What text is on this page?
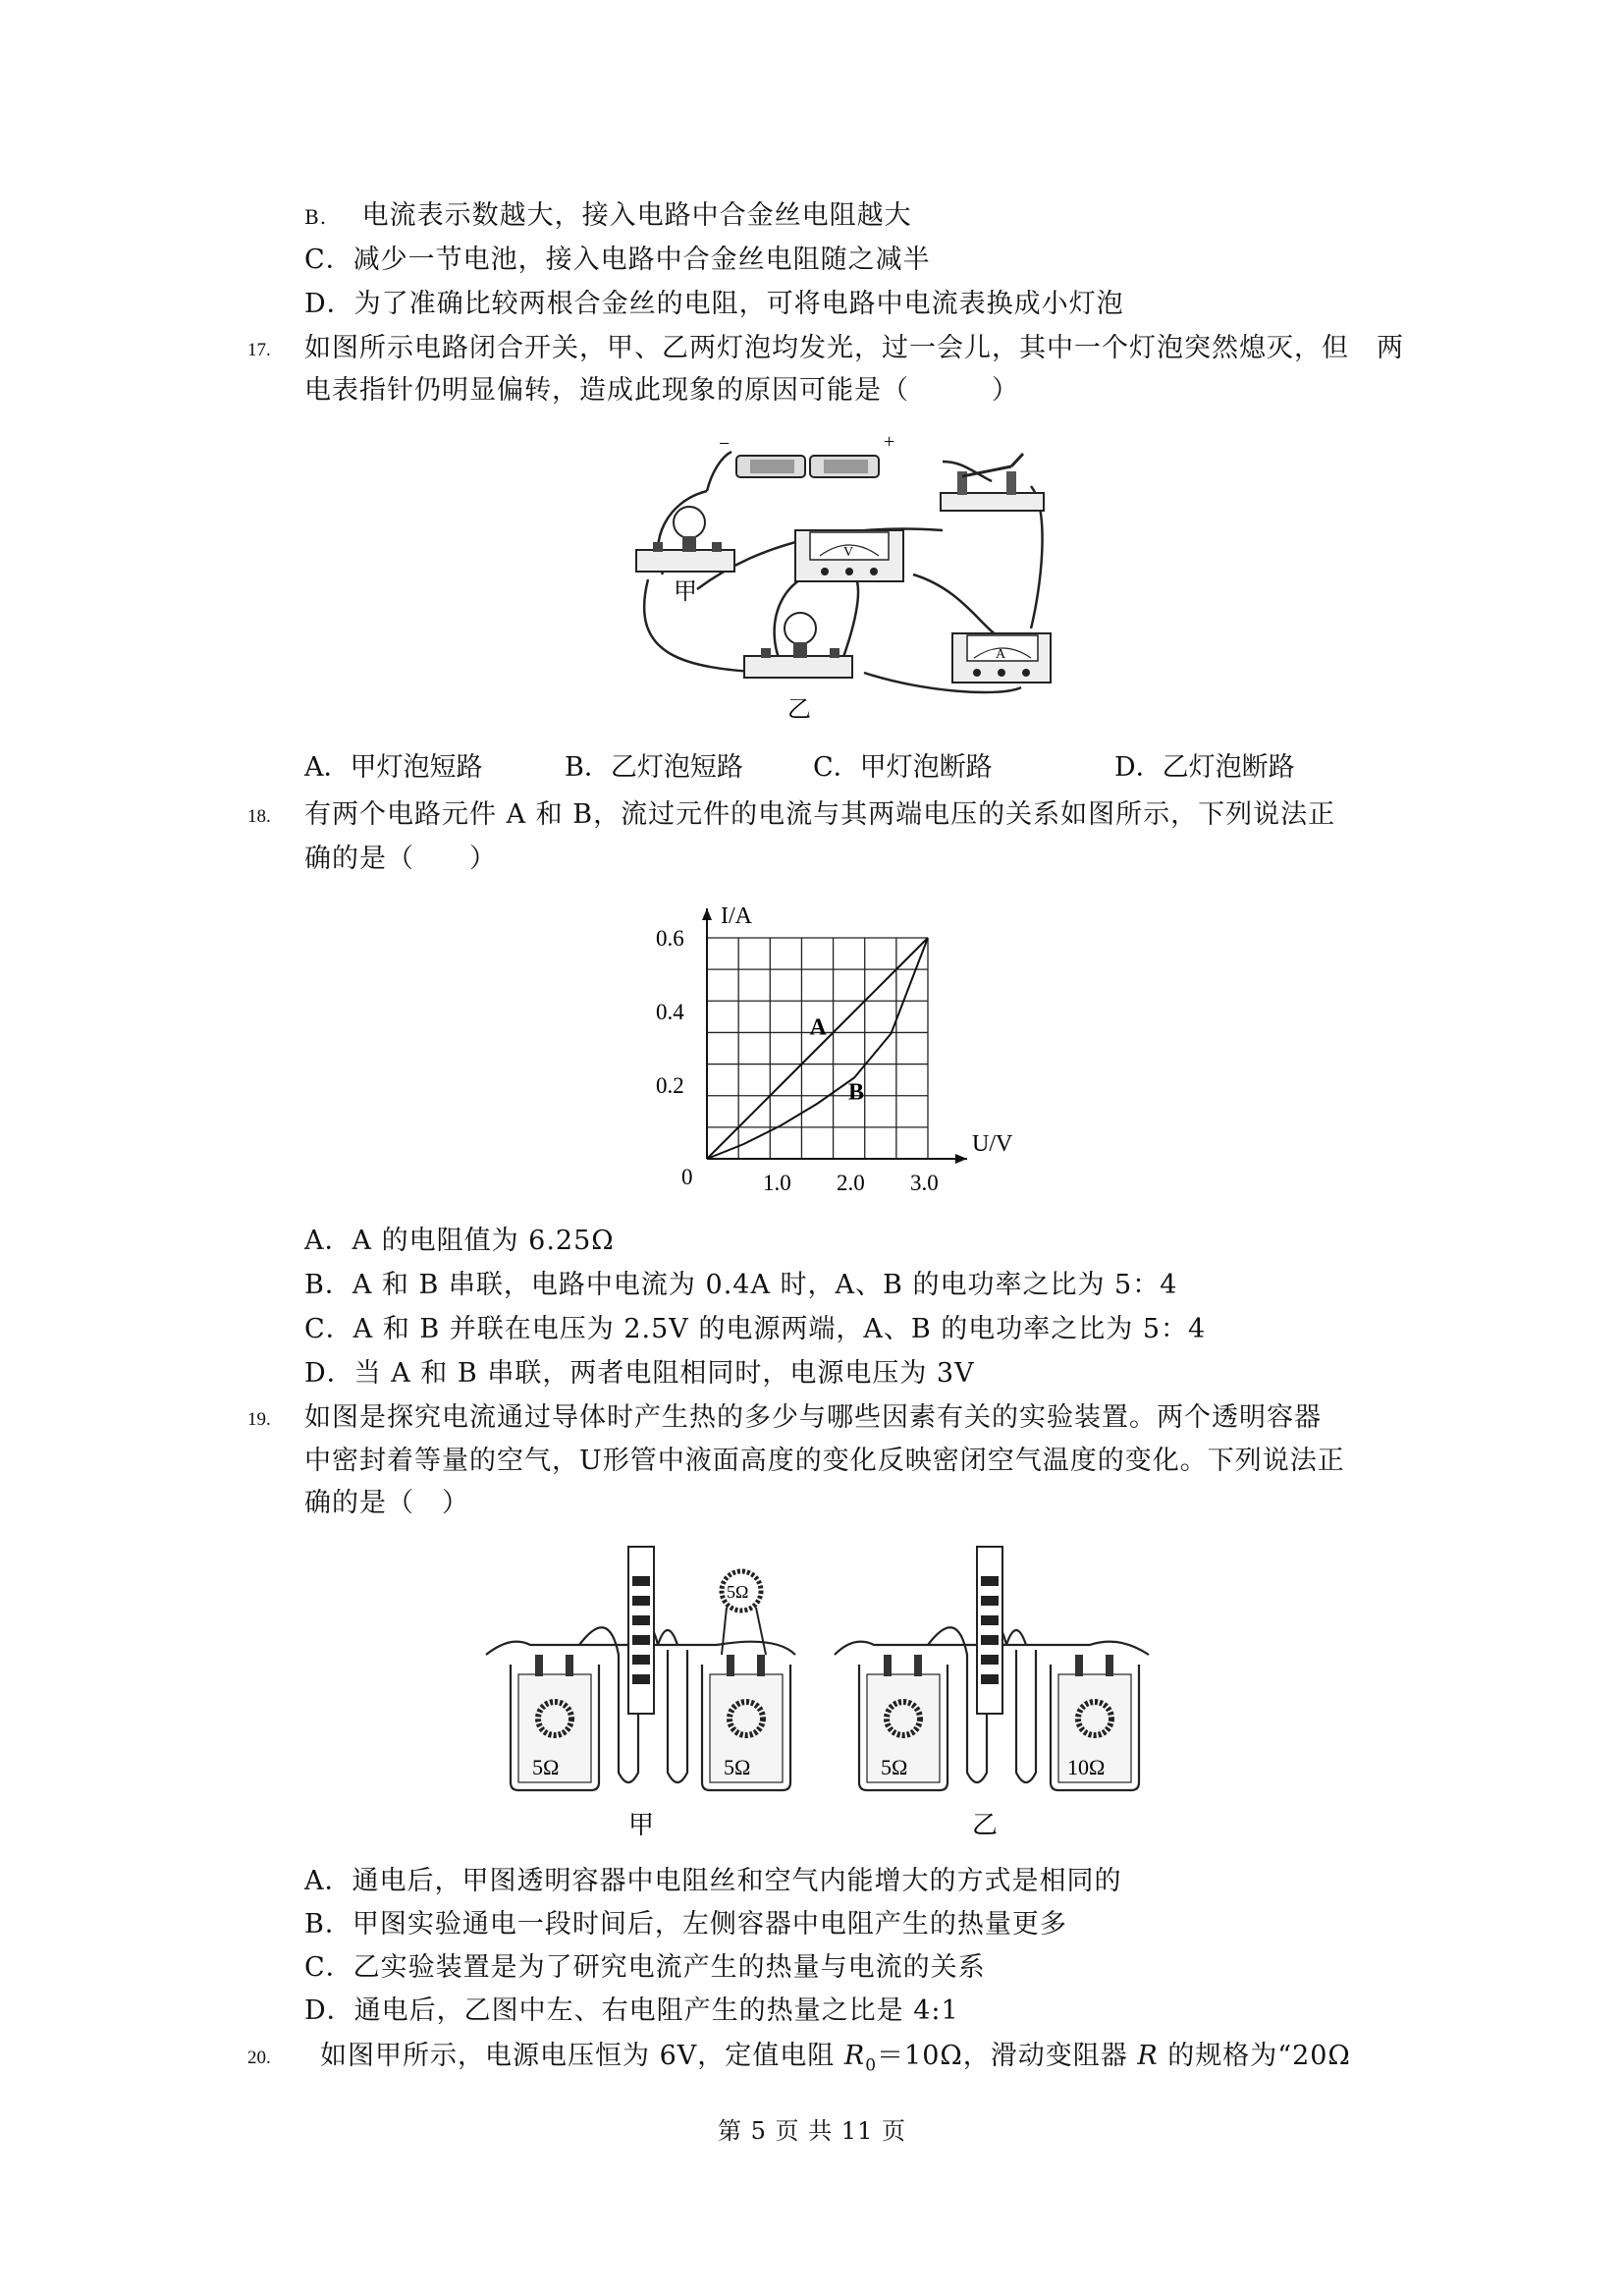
B. 电流表示数越大，接入电路中合金丝电阻越大
C．减少一节电池，接入电路中合金丝电阻随之减半
D．为了准确比较两根合金丝的电阻，可将电路中电流表换成小灯泡
17. 如图所示电路闭合开关，甲、乙两灯泡均发光，过一会儿，其中一个灯泡突然熄灭，但　两
电表指针仍明显偏转，造成此现象的原因可能是（　　　）
−	+
甲
V
乙
A
A．甲灯泡短路	B．乙灯泡短路	C．甲灯泡断路	D．乙灯泡断路
18. 有两个电路元件 A 和 B，流过元件的电流与其两端电压的关系如图所示，下列说法正
确的是（　　）
U/V
I/A
0	1.0 2.0 3.0
0.2
0.4
0.6
A
B
A．A 的电阻值为 6.25Ω
B．A 和 B 串联，电路中电流为 0.4A 时，A、B 的电功率之比为 5：4
C．A 和 B 并联在电压为 2.5V 的电源两端，A、B 的电功率之比为 5：4
D．当 A 和 B 串联，两者电阻相同时，电源电压为 3V
19. 如图是探究电流通过导体时产生热的多少与哪些因素有关的实验装置。两个透明容器
中密封着等量的空气，U形管中液面高度的变化反映密闭空气温度的变化。下列说法正
确的是（　）
5Ω	5Ω
5Ω
甲
5Ω	10Ω
乙
A．通电后，甲图透明容器中电阻丝和空气内能增大的方式是相同的
B．甲图实验通电一段时间后，左侧容器中电阻产生的热量更多
C．乙实验装置是为了研究电流产生的热量与电流的关系
D．通电后，乙图中左、右电阻产生的热量之比是 4:1
20. 如图甲所示，电源电压恒为 6V，定值电阻 $R_0=10\Omega$，滑动变阻器 R 的规格为“20Ω
第 5 页 共 11 页
